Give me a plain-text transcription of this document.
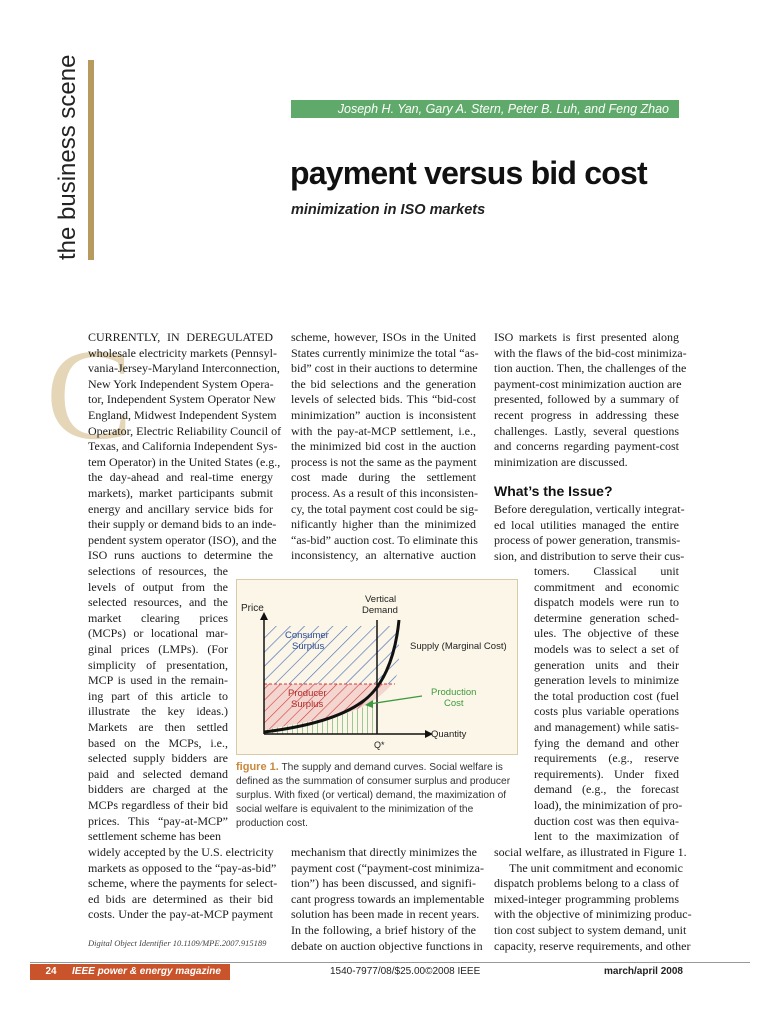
the business scene	Joseph H. Yan, Gary A. Stern, Peter B. Luh, and Feng Zhao
payment versus bid cost
minimization in ISO markets
C

CURRENTLY, IN DEREGULATED

wholesale electricity markets (Pennsyl-

vania-Jersey-Maryland Interconnection,

New York Independent System Opera-

tor, Independent System Operator New

England, Midwest Independent System

Operator, Electric Reliability Council of

Texas, and California Independent Sys-

tem Operator) in the United States (e.g.,

the day-ahead and real-time energy

markets), market participants submit

energy and ancillary service bids for

their supply or demand bids to an inde-

pendent system operator (ISO), and the

ISO runs auctions to determine the

selections of resources, the

levels of output from the

selected resources, and the

market clearing prices

(MCPs) or locational mar-

ginal prices (LMPs). (For

simplicity of presentation,

MCP is used in the remain-

ing part of this article to

illustrate the key ideas.)

Markets are then settled

based on the MCPs, i.e.,

selected supply bidders are

paid and selected demand

bidders are charged at the

MCPs regardless of their bid

prices. This “pay-at-MCP”

settlement scheme has been

widely accepted by the U.S. electricity

markets as opposed to the “pay-as-bid”

scheme, where the payments for select-

ed bids are determined as their bid

costs. Under the pay-at-MCP payment

scheme, however, ISOs in the United

States currently minimize the total “as-

bid” cost in their auctions to determine

the bid selections and the generation

levels of selected bids. This “bid-cost

minimization” auction is inconsistent

with the pay-at-MCP settlement, i.e.,

the minimized bid cost in the auction

process is not the same as the payment

cost made during the settlement

process. As a result of this inconsisten-

cy, the total payment cost could be sig-

nificantly higher than the minimized

“as-bid” auction cost. To eliminate this

inconsistency, an alternative auction

mechanism that directly minimizes the

payment cost (“payment-cost minimiza-

tion”) has been discussed, and signifi-

cant progress towards an implementable

solution has been made in recent years.

In the following, a brief history of the

debate on auction objective functions in

ISO markets is first presented along

with the flaws of the bid-cost minimiza-

tion auction. Then, the challenges of the

payment-cost minimization auction are

presented, followed by a summary of

recent progress in addressing these

challenges. Lastly, several questions

and concerns regarding payment-cost

minimization are discussed.

What’s the Issue?

Before deregulation, vertically integrat-

ed local utilities managed the entire

process of power generation, transmis-

sion, and distribution to serve their cus-

tomers. Classical unit

commitment and economic

dispatch models were run to

determine generation sched-

ules. The objective of these

models was to select a set of

generation units and their

generation levels to minimize

the total production cost (fuel

costs plus variable operations

and management) while satis-

fying the demand and other

requirements (e.g., reserve

requirements). Under fixed

demand (e.g., the forecast

load), the minimization of pro-

duction cost was then equiva-

lent to the maximization of

social welfare, as illustrated in Figure 1.

The unit commitment and economic

dispatch problems belong to a class of

mixed-integer programming problems

with the objective of minimizing produc-

tion cost subject to system demand, unit

capacity, reserve requirements, and other

Price
Vertical
Demand
Consumer
Surplus	Supply (Marginal Cost)
Producer
Surplus
Production
Cost
Q*
Quantity
figure 1. The supply and demand curves. Social welfare is defined as the summation of consumer surplus and producer surplus. With fixed (or vertical) demand, the maximization of social welfare is equivalent to the minimization of the production cost.
Digital Object Identifier 10.1109/MPE.2007.915189
24 IEEE power & energy magazine	1540-7977/08/$25.00©2008 IEEE	march/april 2008
